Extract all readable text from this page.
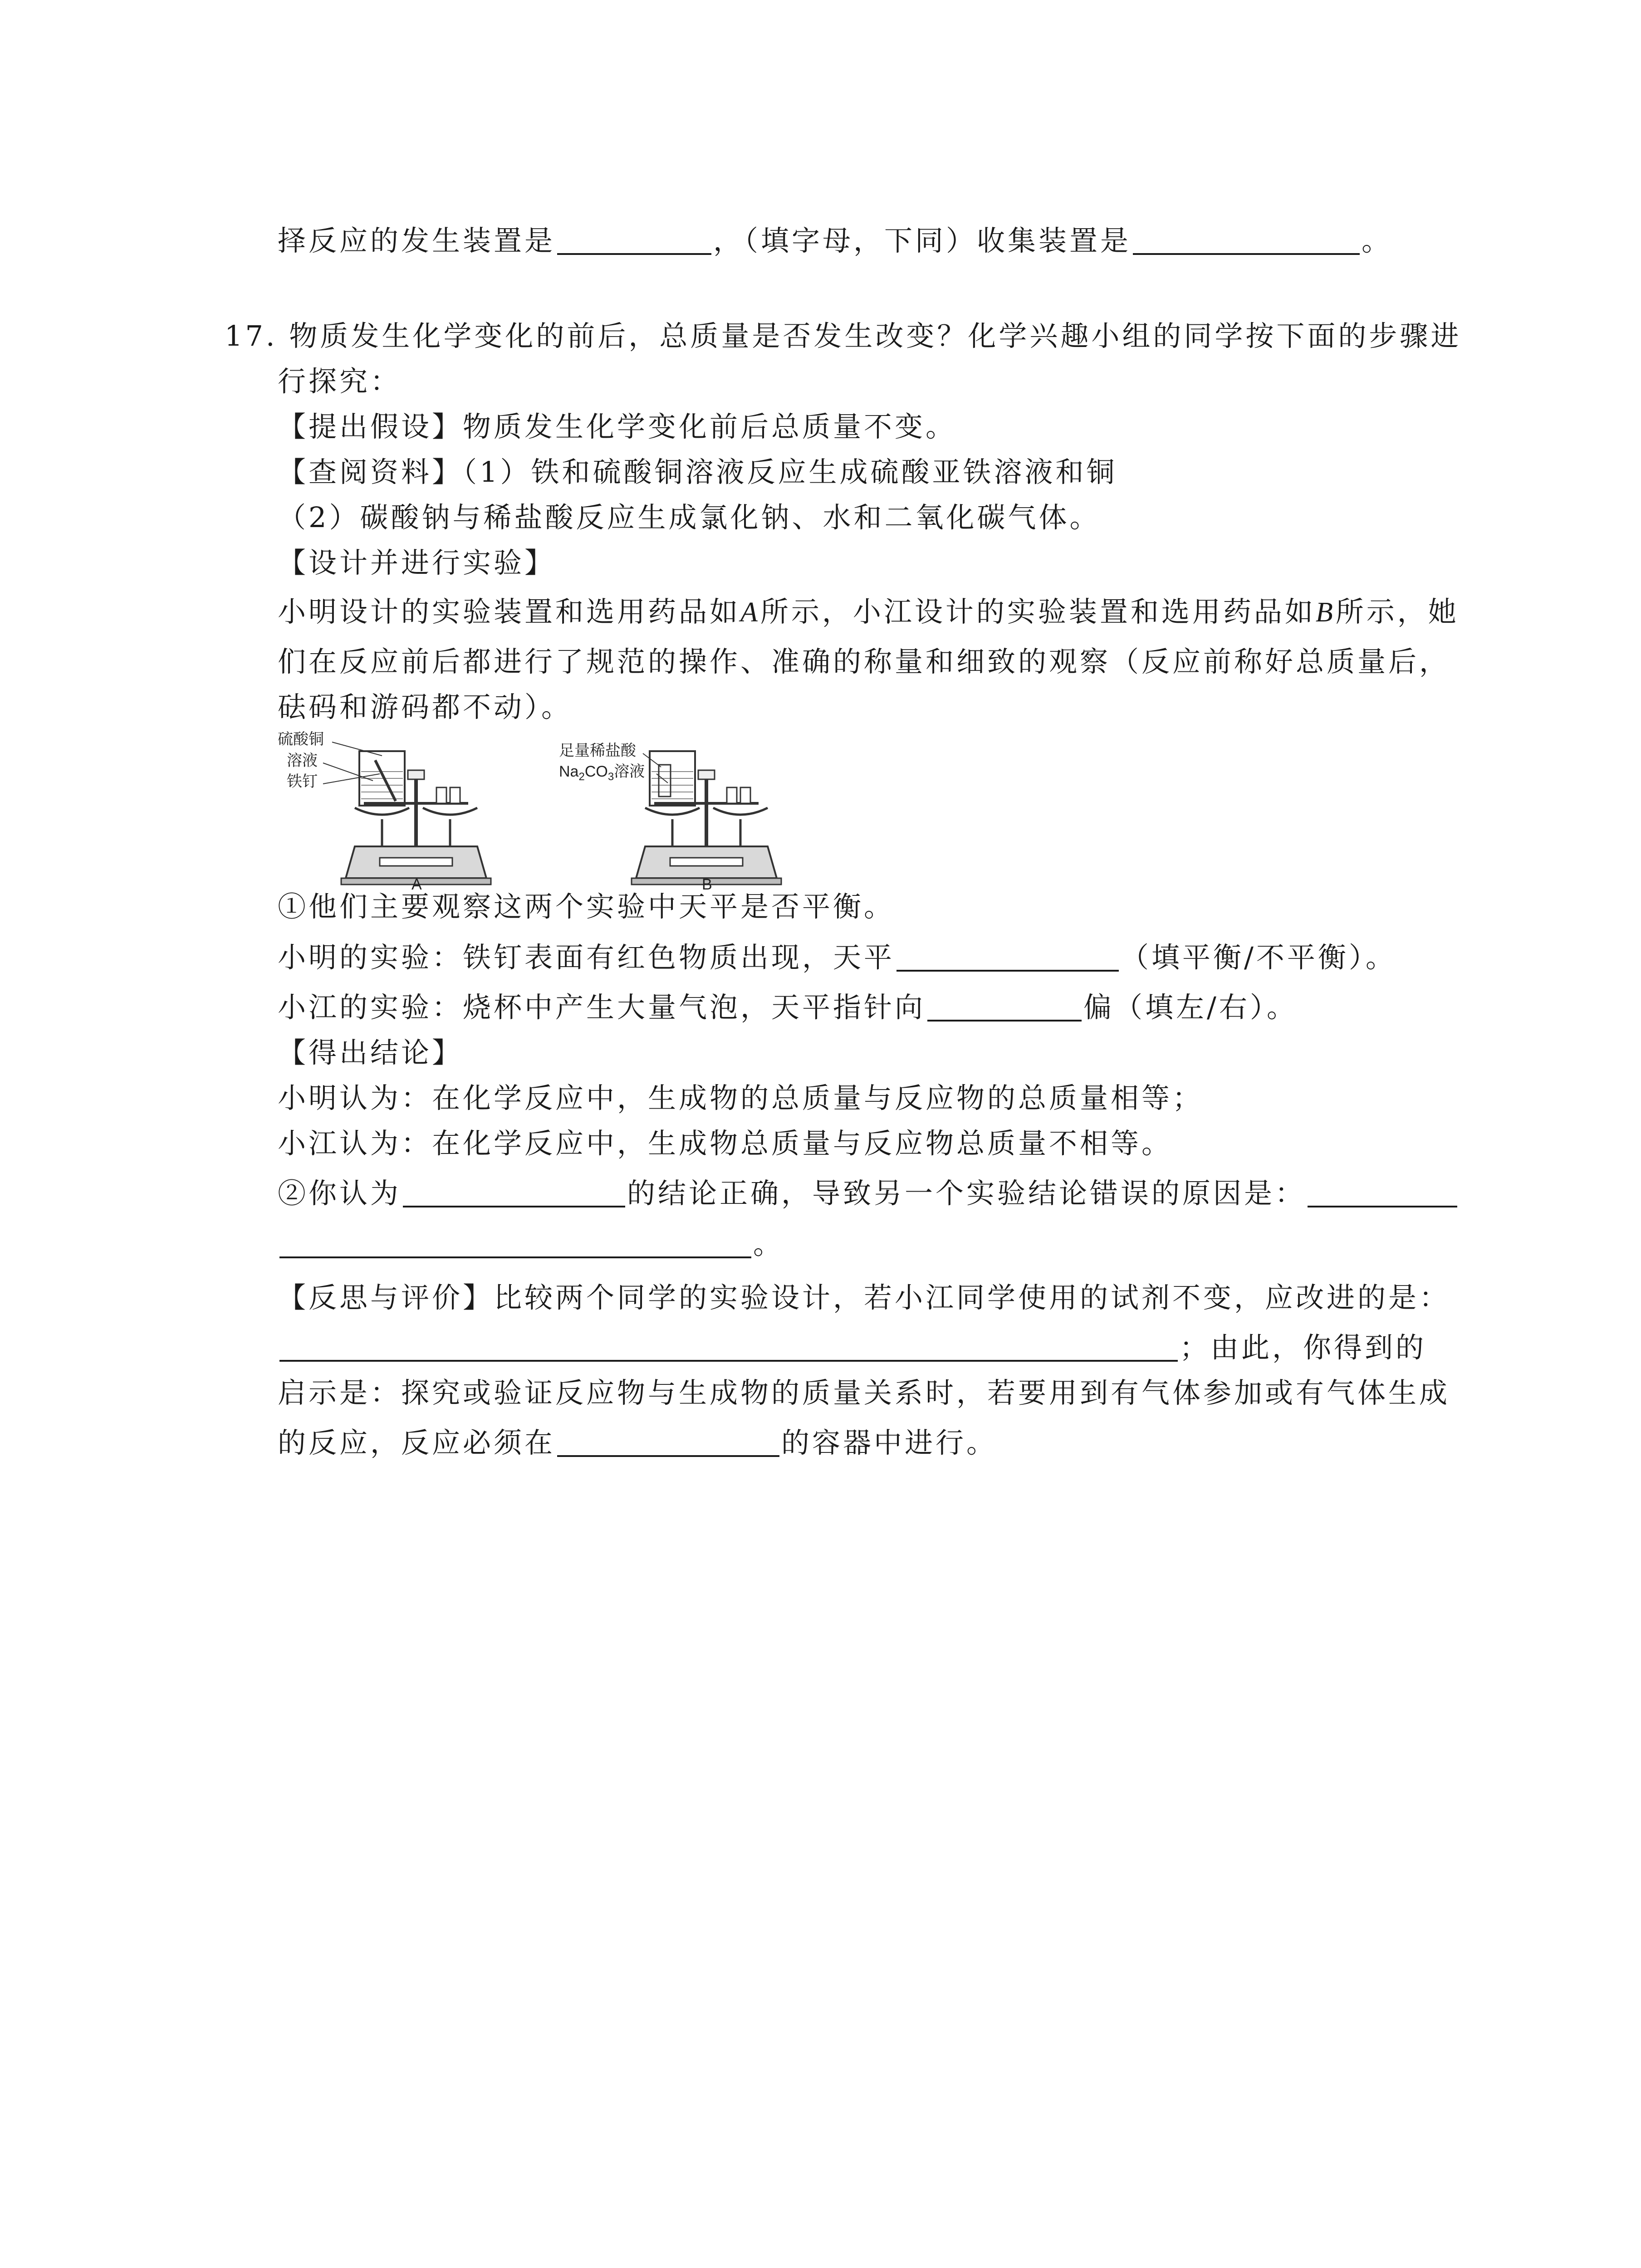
择反应的发生装置是	，（填字母，下同）收集装置是	。
17. 物质发生化学变化的前后，总质量是否发生改变？化学兴趣小组的同学按下面的步骤进
行探究：
【提出假设】物质发生化学变化前后总质量不变。
【查阅资料】（1）铁和硫酸铜溶液反应生成硫酸亚铁溶液和铜
（2）碳酸钠与稀盐酸反应生成氯化钠、水和二氧化碳气体。
【设计并进行实验】
小明设计的实验装置和选用药品如A所示，小江设计的实验装置和选用药品如B所示，她
们在反应前后都进行了规范的操作、准确的称量和细致的观察（反应前称好总质量后，
砝码和游码都不动）。
硫酸铜
溶液
铁钉
A
足量稀盐酸
$Na_2CO_3$溶液
B
①他们主要观察这两个实验中天平是否平衡。
小明的实验：铁钉表面有红色物质出现，天平	（填平衡/不平衡）。
小江的实验：烧杯中产生大量气泡，天平指针向	偏（填左/右）。
【得出结论】
小明认为：在化学反应中，生成物的总质量与反应物的总质量相等；
小江认为：在化学反应中，生成物总质量与反应物总质量不相等。
②你认为	的结论正确，导致另一个实验结论错误的原因是：
。
【反思与评价】比较两个同学的实验设计，若小江同学使用的试剂不变，应改进的是：
；由此，你得到的
启示是：探究或验证反应物与生成物的质量关系时，若要用到有气体参加或有气体生成
的反应，反应必须在	的容器中进行。
